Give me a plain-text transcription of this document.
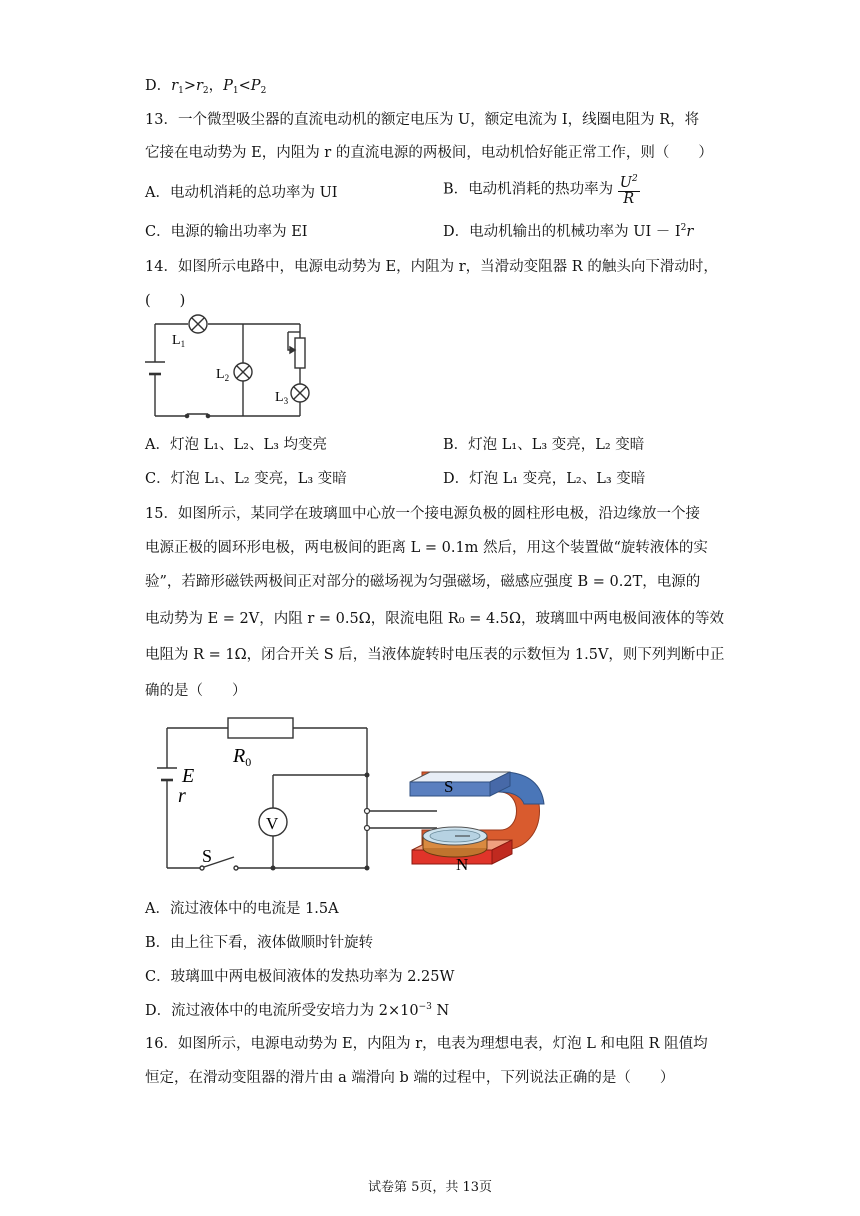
D．$r_1>r_2$，$P_1<P_2$
13．一个微型吸尘器的直流电动机的额定电压为 U，额定电流为 I，线圈电阻为 R，将
它接在电动势为 E，内阻为 r 的直流电源的两极间，电动机恰好能正常工作，则（　　）
A．电动机消耗的总功率为 UI	B．电动机消耗的热功率为 $\frac{U^2}{R}$
C．电源的输出功率为 EI	D．电动机输出的机械功率为 UI － $I^2r$
14．如图所示电路中，电源电动势为 E，内阻为 r，当滑动变阻器 R 的触头向下滑动时，
(　　)
$L_1$
$L_2$
$L_3$
A．灯泡 L₁、L₂、L₃ 均变亮	B．灯泡 L₁、L₃ 变亮，L₂ 变暗
C．灯泡 L₁、L₂ 变亮，L₃ 变暗	D．灯泡 L₁ 变亮，L₂、L₃ 变暗
15．如图所示，某同学在玻璃皿中心放一个接电源负极的圆柱形电极，沿边缘放一个接
电源正极的圆环形电极，两电极间的距离 L = 0.1m 然后，用这个装置做“旋转液体的实
验”，若蹄形磁铁两极间正对部分的磁场视为匀强磁场，磁感应强度 B = 0.2T，电源的
电动势为 E = 2V，内阻 r = 0.5Ω，限流电阻 R₀ = 4.5Ω，玻璃皿中两电极间液体的等效
电阻为 R = 1Ω，闭合开关 S 后，当液体旋转时电压表的示数恒为 1.5V，则下列判断中正
确的是（　　）
$R_0$
E
r
S
V
S
N
A．流过液体中的电流是 1.5A
B．由上往下看，液体做顺时针旋转
C．玻璃皿中两电极间液体的发热功率为 2.25W
D．流过液体中的电流所受安培力为 $2\times 10^{-3}$ N
16．如图所示，电源电动势为 E，内阻为 r，电表为理想电表，灯泡 L 和电阻 R 阻值均
恒定，在滑动变阻器的滑片由 a 端滑向 b 端的过程中，下列说法正确的是（　　）
试卷第 5页，共 13页
